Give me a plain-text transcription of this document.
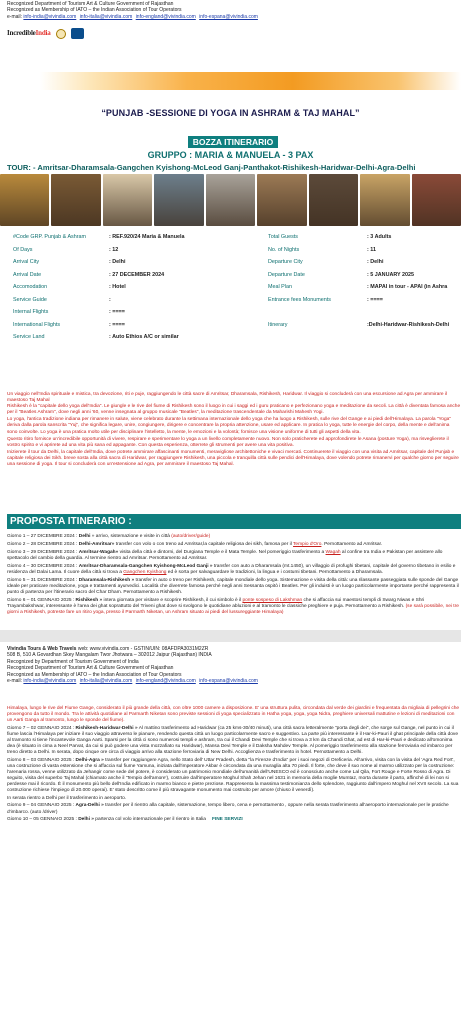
Recognized Department of Tourism Art & Culture Government of Rajasthan
Recognized as Membership of IATO – the Indian Association of Tour Operators
e-mail: info-india@vivindia.com info-italia@vivindia.com info-england@vivindia.com info-espana@vivindia.com
IncredibleIndia
“PUNJAB -SESSIONE DI YOGA IN ASHRAM & TAJ MAHAL”
BOZZA ITINERARIO
GRUPPO : MARIA & MANUELA - 3 PAX
TOUR: - Amritsar-Dharamsala-Gangchen Kyishong-McLeod Ganj-Panthakot-Rishikesh-Haridwar-Delhi-Agra-Delhi
#Code GRP. Punjab & Ashram	: REF.920/24 Maria & Manuela	Total Guests	: 3 Adults
Of Days	: 12	No. of Nights	: 11
Arrival City	: Delhi	Departure City	: Delhi
Arrival Date	: 27 DECEMBER 2024	Departure Date	: 5 JANUARY 2025
Accomodation	: Hotel	Meal Plan	: MAPAI in tour - APAI (in Ashra
Service Guide	:	Entrance fees Monuments	: ====
Internal Flights	: ====
International Flights	: ====	Itinerary	:Delhi-Haridwar-Rishikesh-Delhi
Service Land	: Auto Ethios A/C or similar
Un viaggio nell'India spirituale e mistica, tra devozione, riti e puje, raggiungendo le città sacre di Amritsar, Dharamsala, Rishikesh, Haridwar. Il viaggio si concluderà con una escursione ad Agra per ammirare il maestoso Taj Mahal
Rishikesh è la "capitale dello yoga dell'India". Le giungle e le rive del fiume di Rishikesh sono il luogo in cui i saggi ed i guru praticano e perfezionano yoga e meditazione da secoli. La città è diventata famosa anche per il "Beatles Ashram", dove negli anni '60, venne insegnata al gruppo musicale "Beatles", la meditazione trascendentale da Maharishi Mahesh Yogi.
Lo yoga, l'antica tradizione indiana per rimanere in salute, viene celebrato durante la settimana internazionale dello yoga che ha luogo a Rishikesh, sulle rive del Gange e ai piedi dell'Himalaya. La parola "Yoga" deriva dalla parola sanscrita "Yuj", che significa legare, unire, congiungere, dirigere e concentrare la propria attenzione, usare ed applicare. In pratica lo yoga, tutte le energie del corpo, della mente e dell'anima sono coinvolte. Lo yoga è una pratica molto utile per disciplinare l'intelletto, la mente, le emozioni e la volontà; fornisce una visione uniforme di tutti gli aspetti della vita.
Questo ritiro fornisce un'incredibile opportunità di vivere, respirare e sperimentare lo yoga a un livello completamente nuovo. Non solo praticherete ed approfondirete le Asana (posture Yoga), ma risveglierete il vostro spirito e vi aprirete ad una vita più sana ed appagante. Con questa esperienza, otterrete gli strumenti per avere una vita positiva.
Inizierete il tour da Delhi, la capitale dell'India, dove potrete ammirare affascinanti monumenti, meravigliose architettoniche e vivaci mercati. Continuerete il viaggio con una visita ad Amritsar, capitale del Punjab e capitale religiosa dei Sikh. breve sosta alla città sacra di Haridwar, per raggiungere Rishikesh, una piccola e tranquilla città sulle pendici dell'Himalaya, dove volendo potrete rimanervi per qualche giorno per seguire una sessione di yoga. Il tour si concluderà con un'estensione ad Agra, per ammirare il maestoso Taj Mahal.
PROPOSTA ITINERARIO :
Giorno 1 – 27 DICEMBRE 2024 : Delhi » arrivo, sistemazione e visite in città (auto/driver/guide)
Giorno 2 – 28 DICEMBRE 2024 : Delhi-Amritsar» transfer con volo o con treno ad Amritsar,la capitale religiosa dei sikh, famosa per il Tempio d'Oro. Pernottamento ad Amritsar.
Giorno 3 – 29 DICEMBRE 2024 : Amritsar-Wagah» visita della città e dintorni, del Durgiana Temple e il Mata Temple. Nel pomeriggio trasferimento a Wagah al confine tra India e Pakistan per assistere allo spettacolo del cambio della guardia. Al termine rientro ad Amritsar. Pernottamento ad Amritsar.
Giorno 4 – 30 DICEMBRE 2024 : Amritsar-Dharamsala-Gangchen Kyishong-McLeod Ganji » transfer con auto a Dharamsala (mt.1450), un villaggio di profughi tibetani, capitale del governo tibetano in esilio e residenza del Dalai Lama. Il cuore della città si trova a Gangchen Kyishong ed è sorta per salvaguardare le tradizioni, la lingua e i costumi tibetani. Pernottamento a Dharamsala.
Giorno 5 – 31 DICEMBRE 2024 : Dharamsala-Rishikesh » transfer in auto o treno per Rishikesh, capitale mondiale dello yoga. Sistemazione e visita della città: una rilassante passeggiata sulle sponde del Gange ideale per praticare meditazione, yoga e trattamenti ayurvedici. Località che diverrete famosa perché negli anni Sessanta ospitò i Beatles. Per gli induisti è un luogo particolarmente importante perché rappresenta il punto di partenza per l'itinerario sacro del Char Dham. Pernottamento a Rishikesh.
Giorno 6 – 01 GENNAIO 2025 : Rishikesh » intera giornata per visitare e scoprire Rishikesh, il cui simbolo è il ponte sospeso di Lakshman che si affaccia sui maestosi templi di Swarg Niwas e Shri Trayambakshwar, interessante è l'area dei ghat soprattutto del Triveni ghat dove si svolgono le quotidiane abluzioni e al tramonto le classiche preghiere e puja. Pernottamento a Rishikesh. (se sarà possibile, nei tre giorni a Rishikesh, potreste fare un ritiro yoga, presso il Parmarth Niketan, un Ashram situato ai piedi del lussureggiante Himalaya)
Vivindia Tours & Web Travels web: www.vivindia.com - GSTIN/UIN: 08AFDPA3031M2ZR
508 B, 510 A Govardhan Skey Mangalam Twor Jhotwara – 302012 Jaipur (Rajasthan) INDIA
Recognized by Department of Tourism Government of India
Recognized Department of Tourism Art & Culture Government of Rajasthan
Recognized as Membership of IATO – the Indian Association of Tour Operators
e-mail: info-india@vivindia.com info-italia@vivindia.com info-england@vivindia.com info-espana@vivindia.com
Himalaya, lungo le rive del Fiume Gange, considerato il più grande della città, con oltre 1000 camere a disposizione. E' una struttura pulita, circondata dal verde dei giardini e frequentata da migliaia di pellegrini che provengono da tutto il mondo. Tra le attività quotidiane al Parmarth Niketan sono previste sessioni di yoga specializzato in Hatha yoga, yoga, yoga Nidra, preghiere universali mattutine e lezioni di meditazioni con un Aarti Ganga al tramonto, lungo le sponde del fiume).
Giorno 7 – 02 GENNAIO 2024 : Rishikesh-Haridwar-Delhi » Al mattino trasferimento ad Haridwar (ca 25 kms-30/40 minuti), una città sacra letteralmente "porta degli dei", che sorge sul Gange, nel punto in cui il fiume lascia l'Himalaya per iniziare il suo viaggio attraverso le pianure, rendendo questa città un luogo particolarmente sacro e suggestivo. La parte più interessante è il Har-ki-Pauri il ghat principale della città dove al tramonto si tiene l'incantevole Ganga Aarti. Sparsi per la città ci sono numerosi templi e ashram, tra cui il Chandi Devi Temple che si trova a 3 km da Chandi Ghat, ad est di Har-ki-Pauri e dedicato all'omonima dea (è situato in cima a Neel Parvat, da cui si può godere una vista mozzafiato su Haridwar), Mansa Devi Temple e il Daksha Mahdev Temple. Al pomeriggio trasferimento alla stazione ferroviaria ed imbarco per treno diretto a Delhi. In serata, dopo cinque ore circa di viaggio arrivo alla stazione ferroviaria di New Delhi. Accoglienza e trasferimento in hotel. Pernottamento a Delhi.
Giorno 8 – 03 GENNAIO 2025 : Delhi-Agra » transfer per raggiungere Agra, nello Stato dell' Uttar Pradesh, detta "la Firenze d'India" per i suoi negozi di Oreficeria. All'arrivo, visita con la visita del 'Agra Red Fort', una costruzione di vasta estensione che si affaccia sul fiume Yamuna, iniziata dall'imperatore Akbar è circondata da una muraglia alta 70 piedi. Il forte, che deve il suo nome al marmo utilizzato per la costruzione: l'arenaria rossa, venne utilizzato da Jehangir come sede del potere, è considerato un patrimonio mondiale dell'umanità dell'UNESCO ed è conosciuto anche come Lal Qila, Fort Rouge e Forte Rosso di Agra. Di seguito, visita del superbo Taj Mahal (chiamato anche il 'Tempio dell'amore'), costruire dall'imperatore Moghul Shah Jehan nel 1631 in memoria della moglie Mumtaz, morta durante il parto, affinché di lei non si perdesse mai il ricordo. È il monumento più bello dell'India edificato in marmo bianco e pietre preziose. Rappresenta la massima testimonianza dello splendore, raggiunto dall'impero Moghul nel XVII secolo. La sua costruzione richiese l'impiego di 20.000 operai). E' stato descritto come il più stravagante monumento mai costruito per amore (chiuso il venerdì).
In serata rientro a Delhi per il trasferimento in aeroporto.
Giorno 9 – 04 GENNAIO 2025 : Agra-Delhi » transfer per il rientro alla capitale, sistemazione, tempo libero, cena e pernottamento , oppure nella serata trasferimento all'aeroporto internazionale per le pratiche d'imbarco. (auto /driver)
Giorno 10 – 05 GENNAIO 2025 : Delhi » partenza col volo internazionale per il rientro in Italia FINE SERVIZI
